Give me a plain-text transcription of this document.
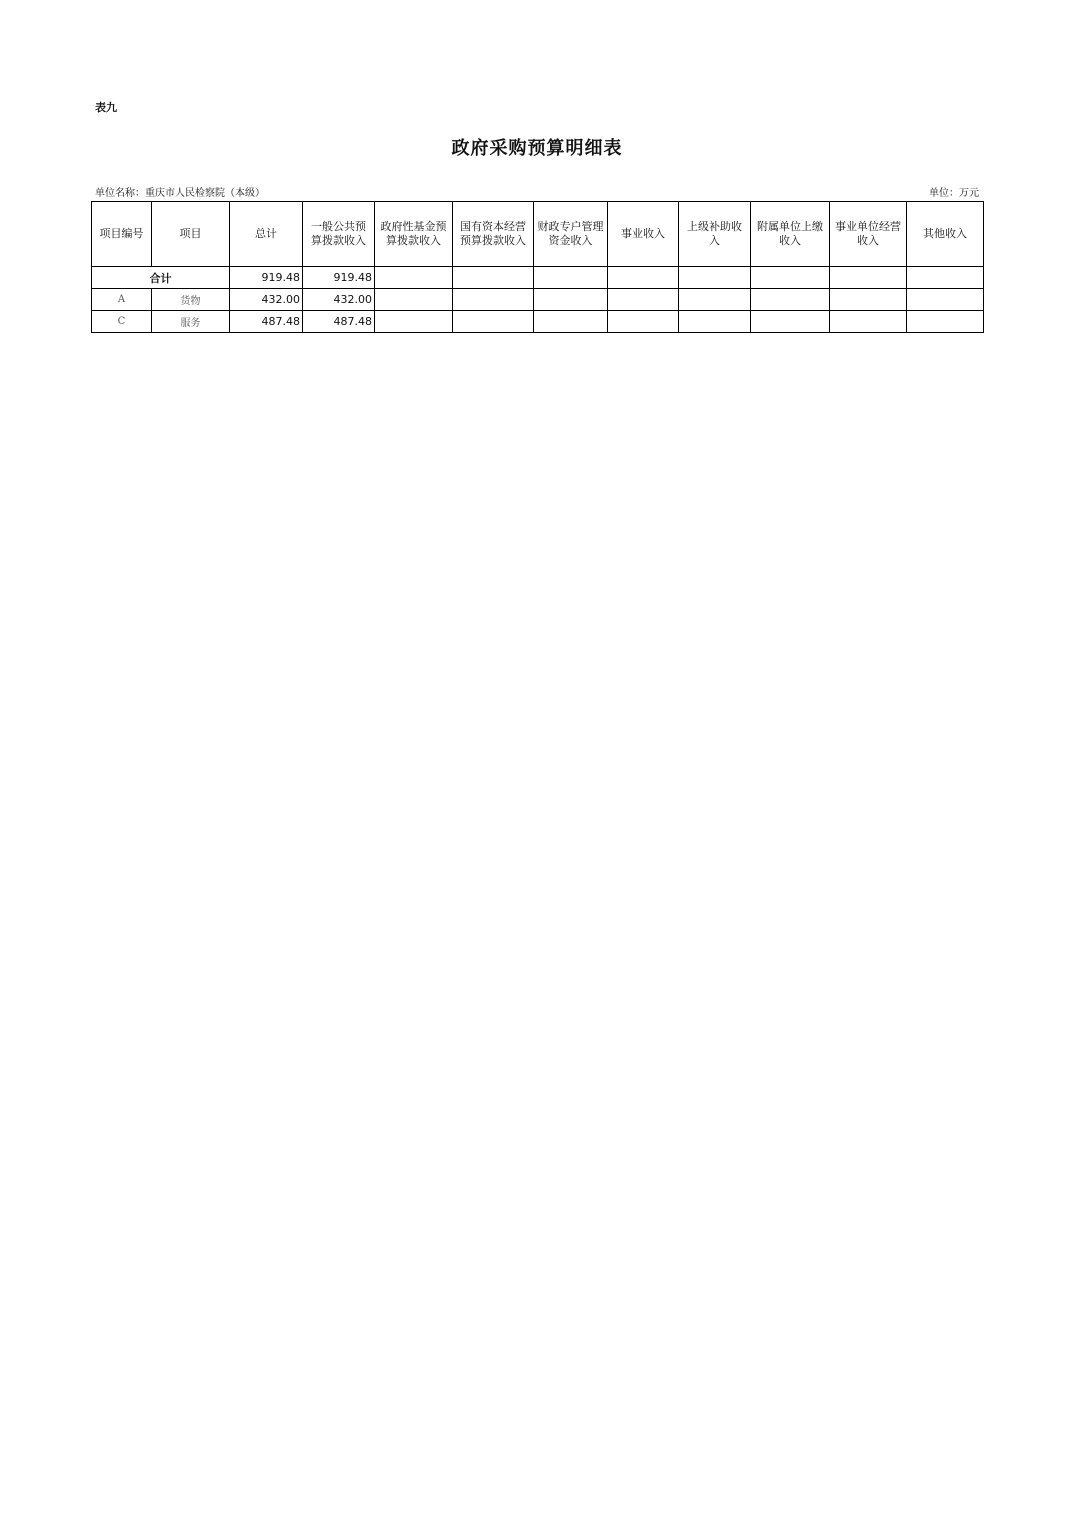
表九
政府采购预算明细表
单位名称：重庆市人民检察院（本级）	单位：万元
项目编号	项目	总计	一般公共预算拨款收入	政府性基金预算拨款收入	国有资本经营预算拨款收入	财政专户管理资金收入	事业收入	上级补助收入	附属单位上缴收入	事业单位经营收入	其他收入
合计		919.48	919.48								
A	货物	432.00	432.00								
C	服务	487.48	487.48								
